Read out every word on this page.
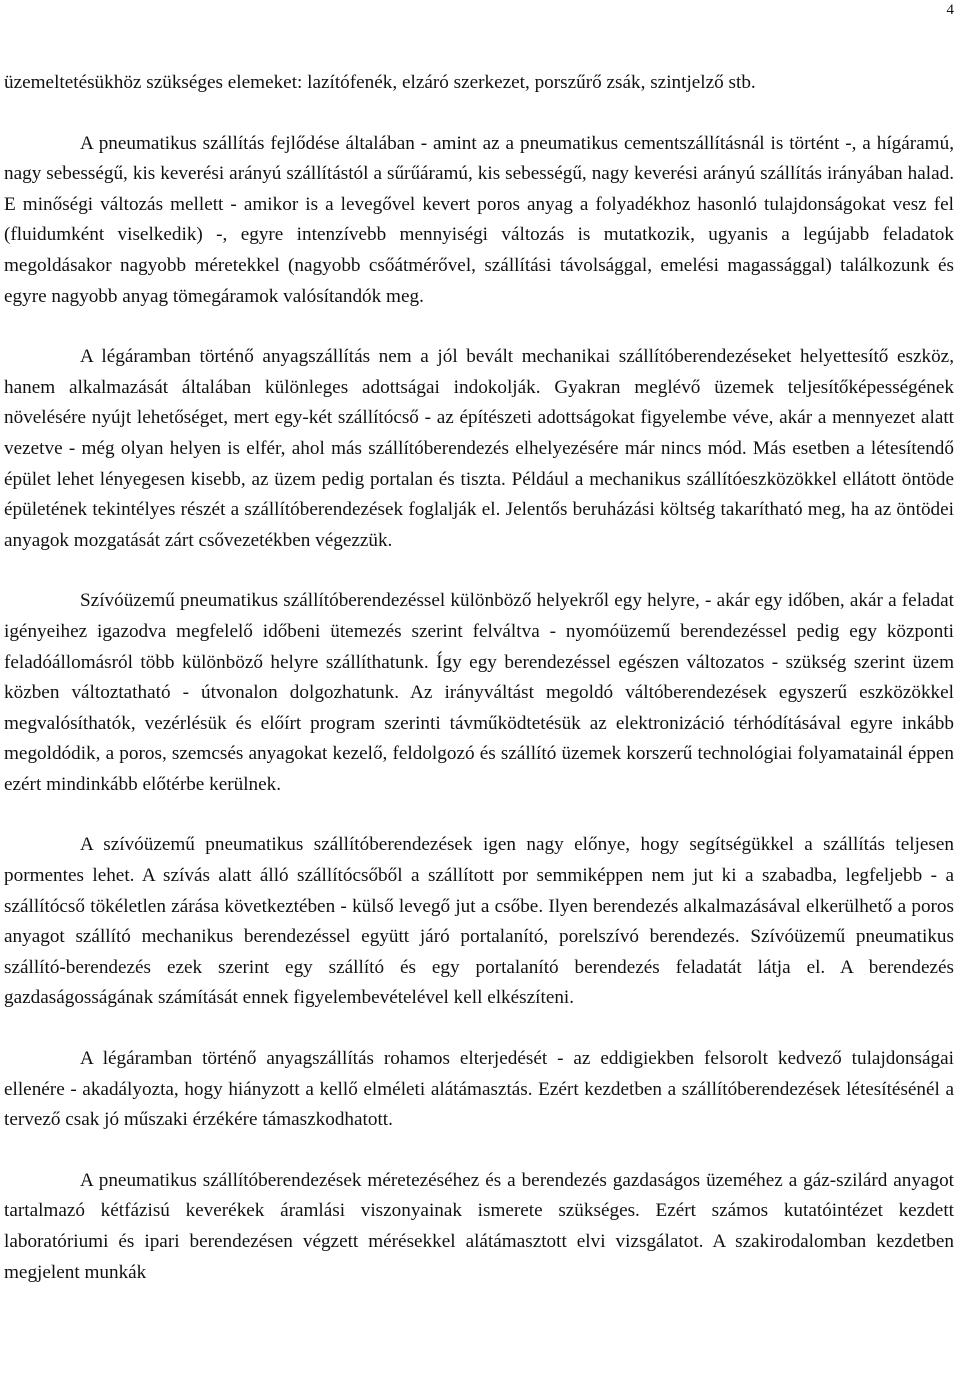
4

üzemeltetésükhöz szükséges elemeket: lazítófenék, elzáró szerkezet, porszűrő zsák, szintjelző stb.

A pneumatikus szállítás fejlődése általában - amint az a pneumatikus cementszállításnál is történt -, a hígáramú, nagy sebességű, kis keverési arányú szállítástól a sűrűáramú, kis sebességű, nagy keverési arányú szállítás irányában halad. E minőségi változás mellett - amikor is a levegővel kevert poros anyag a folyadékhoz hasonló tulajdonságokat vesz fel (fluidumként viselkedik) -, egyre intenzívebb mennyiségi változás is mutatkozik, ugyanis a legújabb feladatok megoldásakor nagyobb méretekkel (nagyobb csőátmérővel, szállítási távolsággal, emelési magassággal) találkozunk és egyre nagyobb anyag tömegáramok valósítandók meg.

A légáramban történő anyagszállítás nem a jól bevált mechanikai szállítóberendezéseket helyettesítő eszköz, hanem alkalmazását általában különleges adottságai indokolják. Gyakran meglévő üzemek teljesítőképességének növelésére nyújt lehetőséget, mert egy-két szállítócső - az építészeti adottságokat figyelembe véve, akár a mennyezet alatt vezetve - még olyan helyen is elfér, ahol más szállítóberendezés elhelyezésére már nincs mód. Más esetben a létesítendő épület lehet lényegesen kisebb, az üzem pedig portalan és tiszta. Például a mechanikus szállítóeszközökkel ellátott öntöde épületének tekintélyes részét a szállítóberendezések foglalják el. Jelentős beruházási költség takarítható meg, ha az öntödei anyagok mozgatását zárt csővezetékben végezzük.

Szívóüzemű pneumatikus szállítóberendezéssel különböző helyekről egy helyre, - akár egy időben, akár a feladat igényeihez igazodva megfelelő időbeni ütemezés szerint felváltva - nyomóüzemű berendezéssel pedig egy központi feladóállomásról több különböző helyre szállíthatunk. Így egy berendezéssel egészen változatos - szükség szerint üzem közben változtatható - útvonalon dolgozhatunk. Az irányváltást megoldó váltóberendezések egyszerű eszközökkel megvalósíthatók, vezérlésük és előírt program szerinti távműködtetésük az elektronizáció térhódításával egyre inkább megoldódik, a poros, szemcsés anyagokat kezelő, feldolgozó és szállító üzemek korszerű technológiai folyamatainál éppen ezért mindinkább előtérbe kerülnek.

A szívóüzemű pneumatikus szállítóberendezések igen nagy előnye, hogy segítségükkel a szállítás teljesen pormentes lehet. A szívás alatt álló szállítócsőből a szállított por semmiképpen nem jut ki a szabadba, legfeljebb - a szállítócső tökéletlen zárása következtében - külső levegő jut a csőbe. Ilyen berendezés alkalmazásával elkerülhető a poros anyagot szállító mechanikus berendezéssel együtt járó portalanító, porelszívó berendezés. Szívóüzemű pneumatikus szállító-berendezés ezek szerint egy szállító és egy portalanító berendezés feladatát látja el. A berendezés gazdaságosságának számítását ennek figyelembevételével kell elkészíteni.

A légáramban történő anyagszállítás rohamos elterjedését - az eddigiekben felsorolt kedvező tulajdonságai ellenére - akadályozta, hogy hiányzott a kellő elméleti alátámasztás. Ezért kezdetben a szállítóberendezések létesítésénél a tervező csak jó műszaki érzékére támaszkodhatott.

A pneumatikus szállítóberendezések méretezéséhez és a berendezés gazdaságos üzeméhez a gáz-szilárd anyagot tartalmazó kétfázisú keverékek áramlási viszonyainak ismerete szükséges. Ezért számos kutatóintézet kezdett laboratóriumi és ipari berendezésen végzett mérésekkel alátámasztott elvi vizsgálatot. A szakirodalomban kezdetben megjelent munkák
